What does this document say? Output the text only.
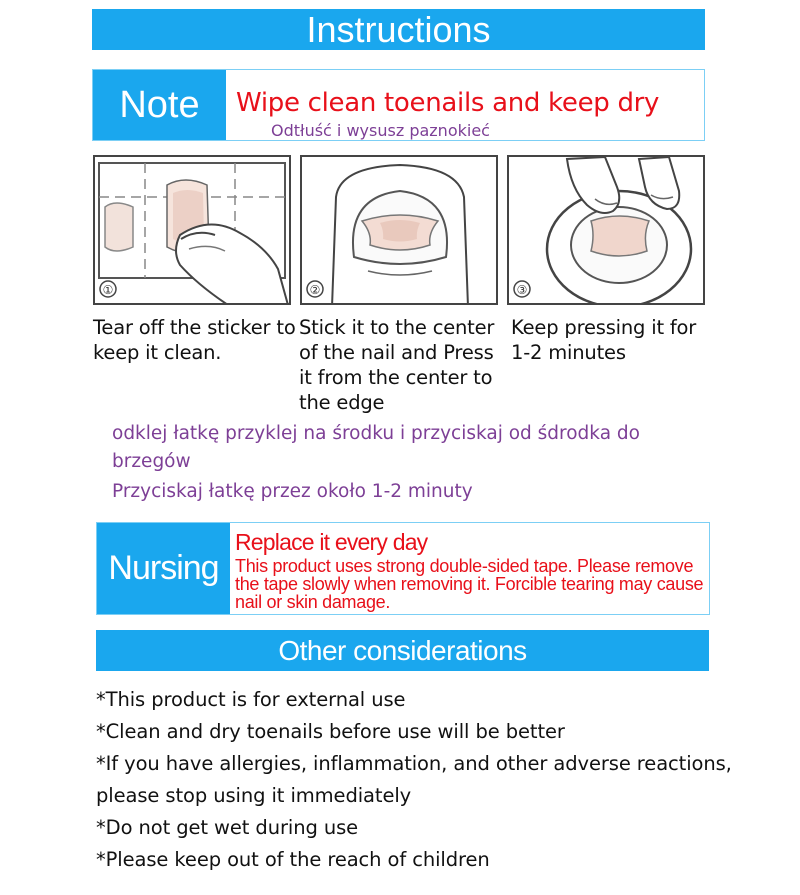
Instructions
Note	Wipe clean toenails and keep dry
Odtłuść i wysusz paznokieć
①	②	③
Tear off the sticker to keep it clean.
Stick it to the center of the nail and Press it from the center to the edge
Keep pressing it for 1-2 minutes
odklej łatkę przyklej na środku i przyciskaj od śdrodka do brzegów
Przyciskaj łatkę przez około 1-2 minuty
Nursing
Replace it every day
This product uses strong double-sided tape. Please remove the tape slowly when removing it. Forcible tearing may cause nail or skin damage.
Other considerations
*This product is for external use
*Clean and dry toenails before use will be better
*If you have allergies, inflammation, and other adverse reactions, please stop using it immediately
*Do not get wet during use
*Please keep out of the reach of children
